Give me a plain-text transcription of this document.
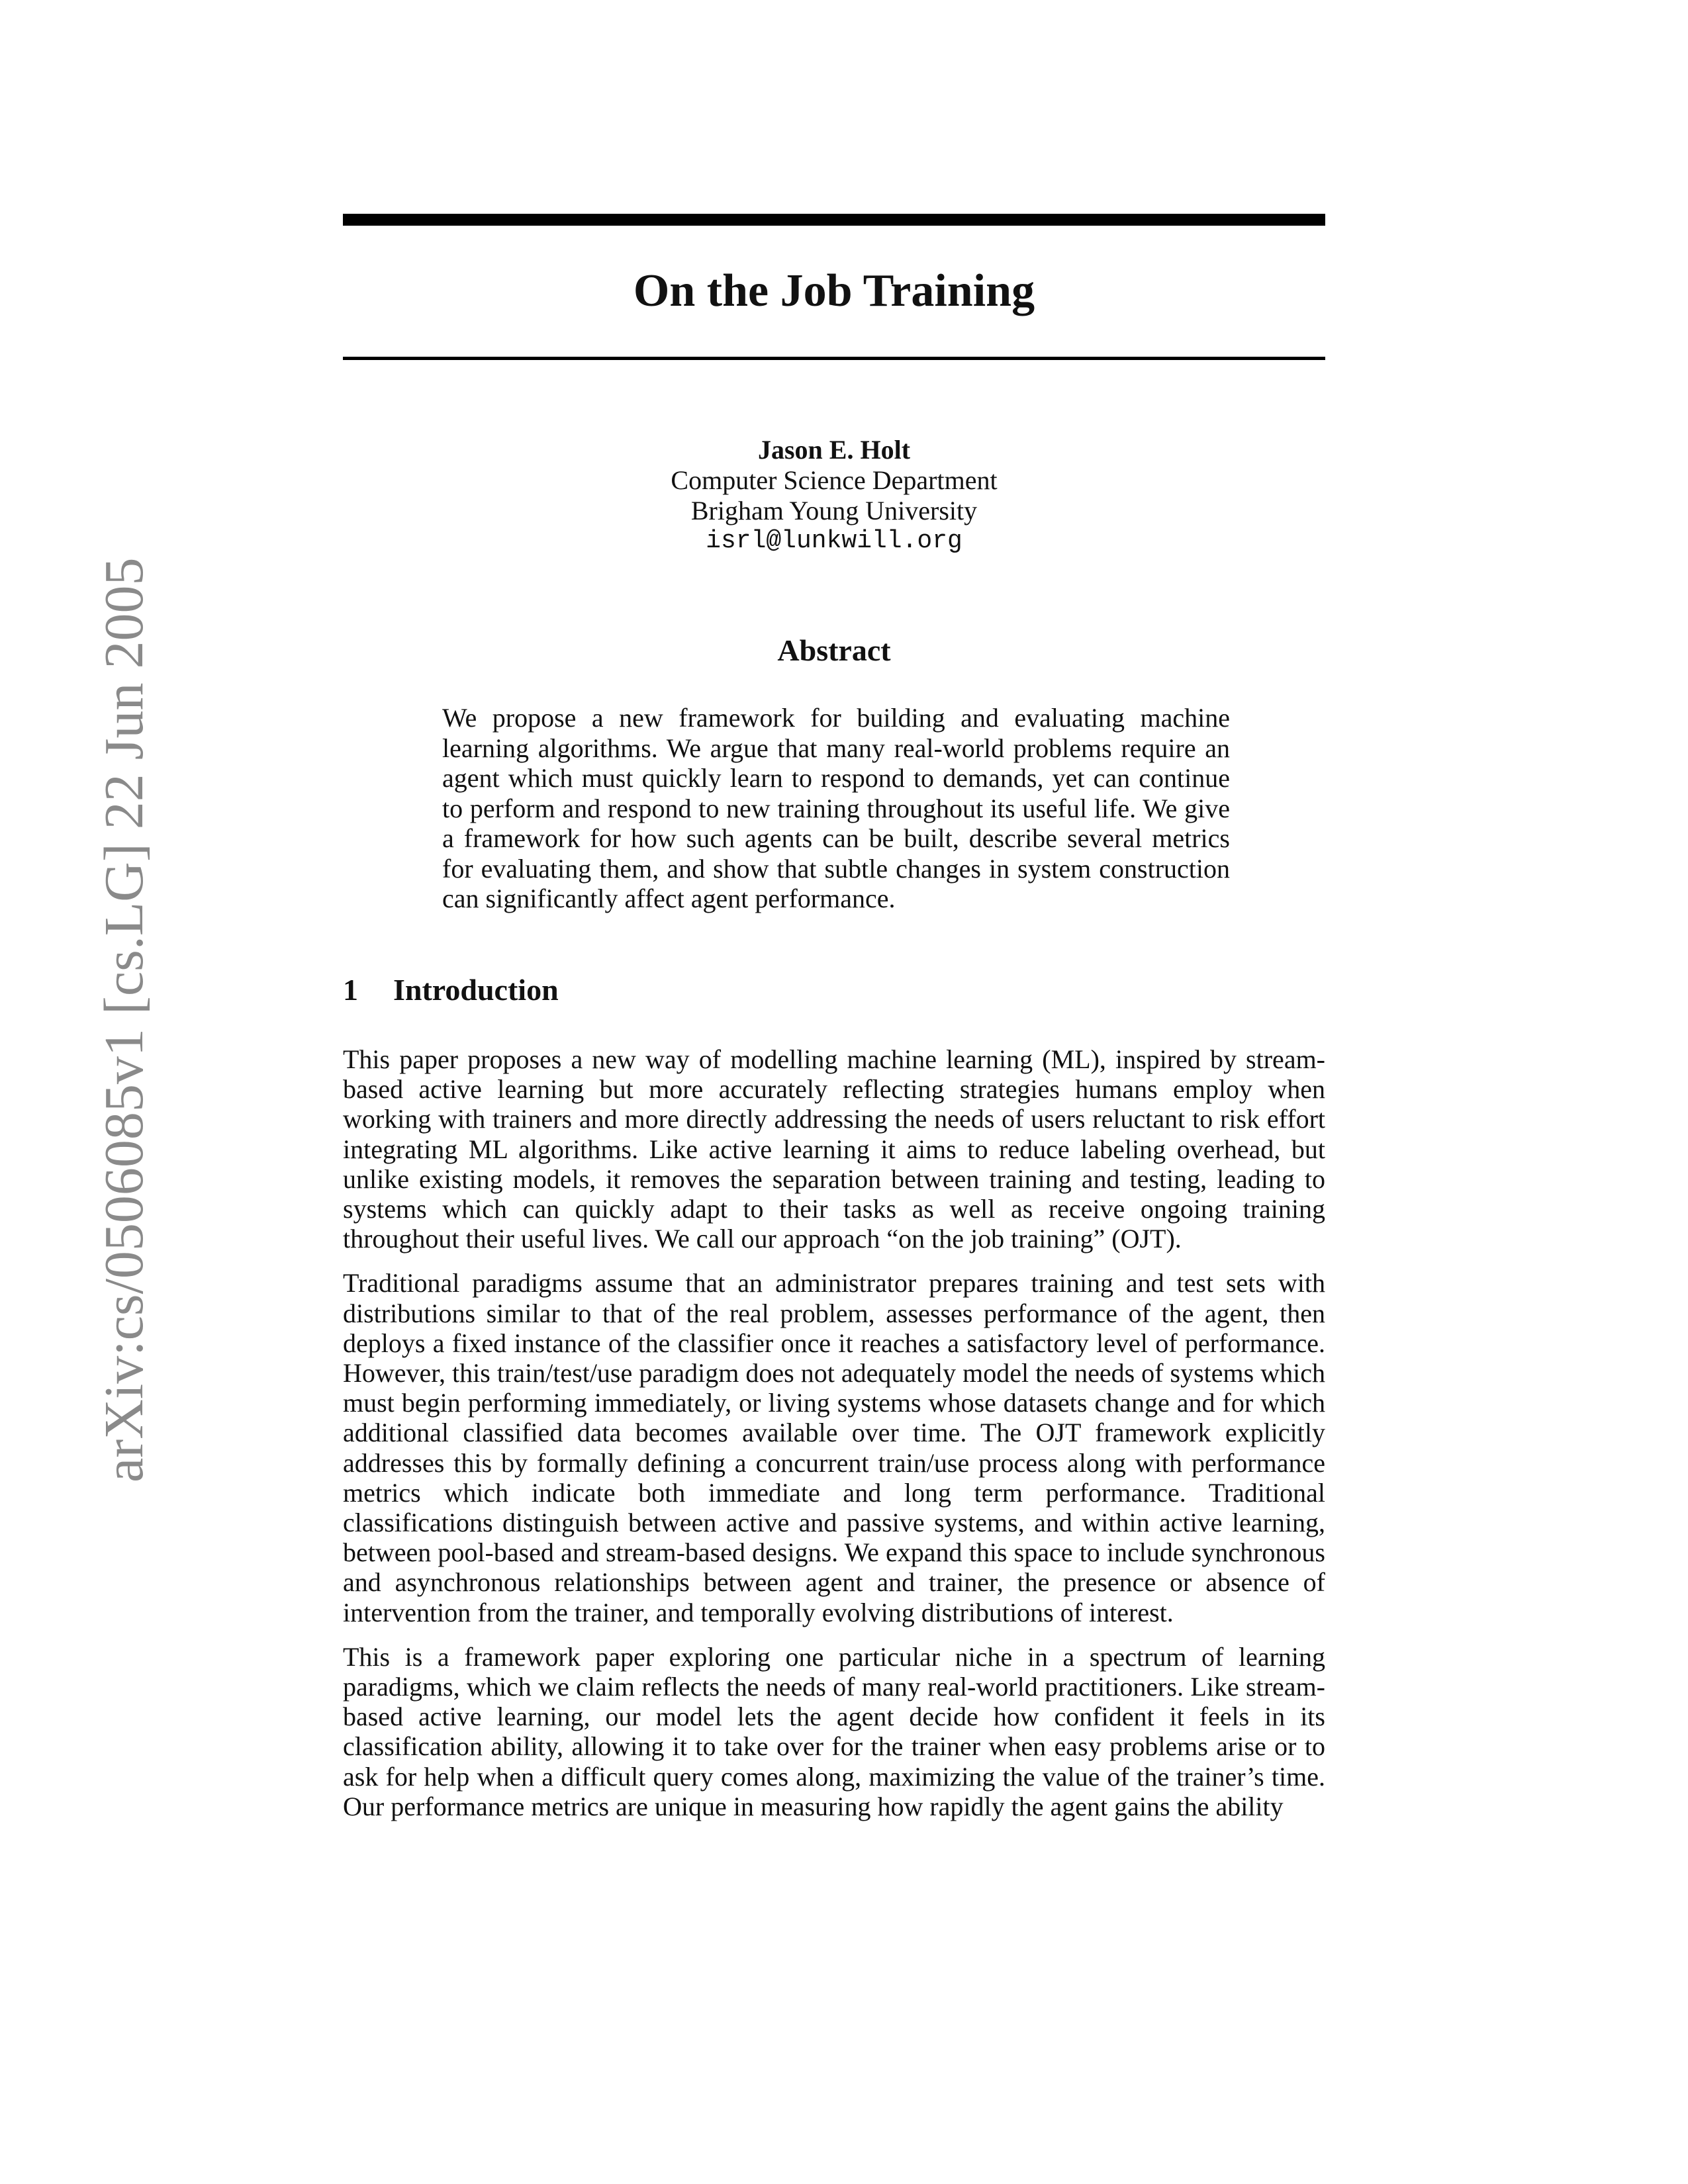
arXiv:cs/0506085v1 [cs.LG] 22 Jun 2005
On the Job Training
Jason E. Holt
Computer Science Department
Brigham Young University
isrl@lunkwill.org
Abstract

We propose a new framework for building and evaluating machine learning algorithms. We argue that many real-world problems require an agent which must quickly learn to respond to demands, yet can continue to perform and respond to new training throughout its useful life. We give a framework for how such agents can be built, describe several metrics for evaluating them, and show that subtle changes in system construction can significantly affect agent performance.

1 Introduction

This paper proposes a new way of modelling machine learning (ML), inspired by stream-based active learning but more accurately reflecting strategies humans employ when working with trainers and more directly addressing the needs of users reluctant to risk effort integrating ML algorithms. Like active learning it aims to reduce labeling overhead, but unlike existing models, it removes the separation between training and testing, leading to systems which can quickly adapt to their tasks as well as receive ongoing training throughout their useful lives. We call our approach “on the job training” (OJT).

Traditional paradigms assume that an administrator prepares training and test sets with distributions similar to that of the real problem, assesses performance of the agent, then deploys a fixed instance of the classifier once it reaches a satisfactory level of performance. However, this train/test/use paradigm does not adequately model the needs of systems which must begin performing immediately, or living systems whose datasets change and for which additional classified data becomes available over time. The OJT framework explicitly addresses this by formally defining a concurrent train/use process along with performance metrics which indicate both immediate and long term performance. Traditional classifications distinguish between active and passive systems, and within active learning, between pool-based and stream-based designs. We expand this space to include synchronous and asynchronous relationships between agent and trainer, the presence or absence of intervention from the trainer, and temporally evolving distributions of interest.

This is a framework paper exploring one particular niche in a spectrum of learning paradigms, which we claim reflects the needs of many real-world practitioners. Like stream-based active learning, our model lets the agent decide how confident it feels in its classification ability, allowing it to take over for the trainer when easy problems arise or to ask for help when a difficult query comes along, maximizing the value of the trainer’s time. Our performance metrics are unique in measuring how rapidly the agent gains the ability
